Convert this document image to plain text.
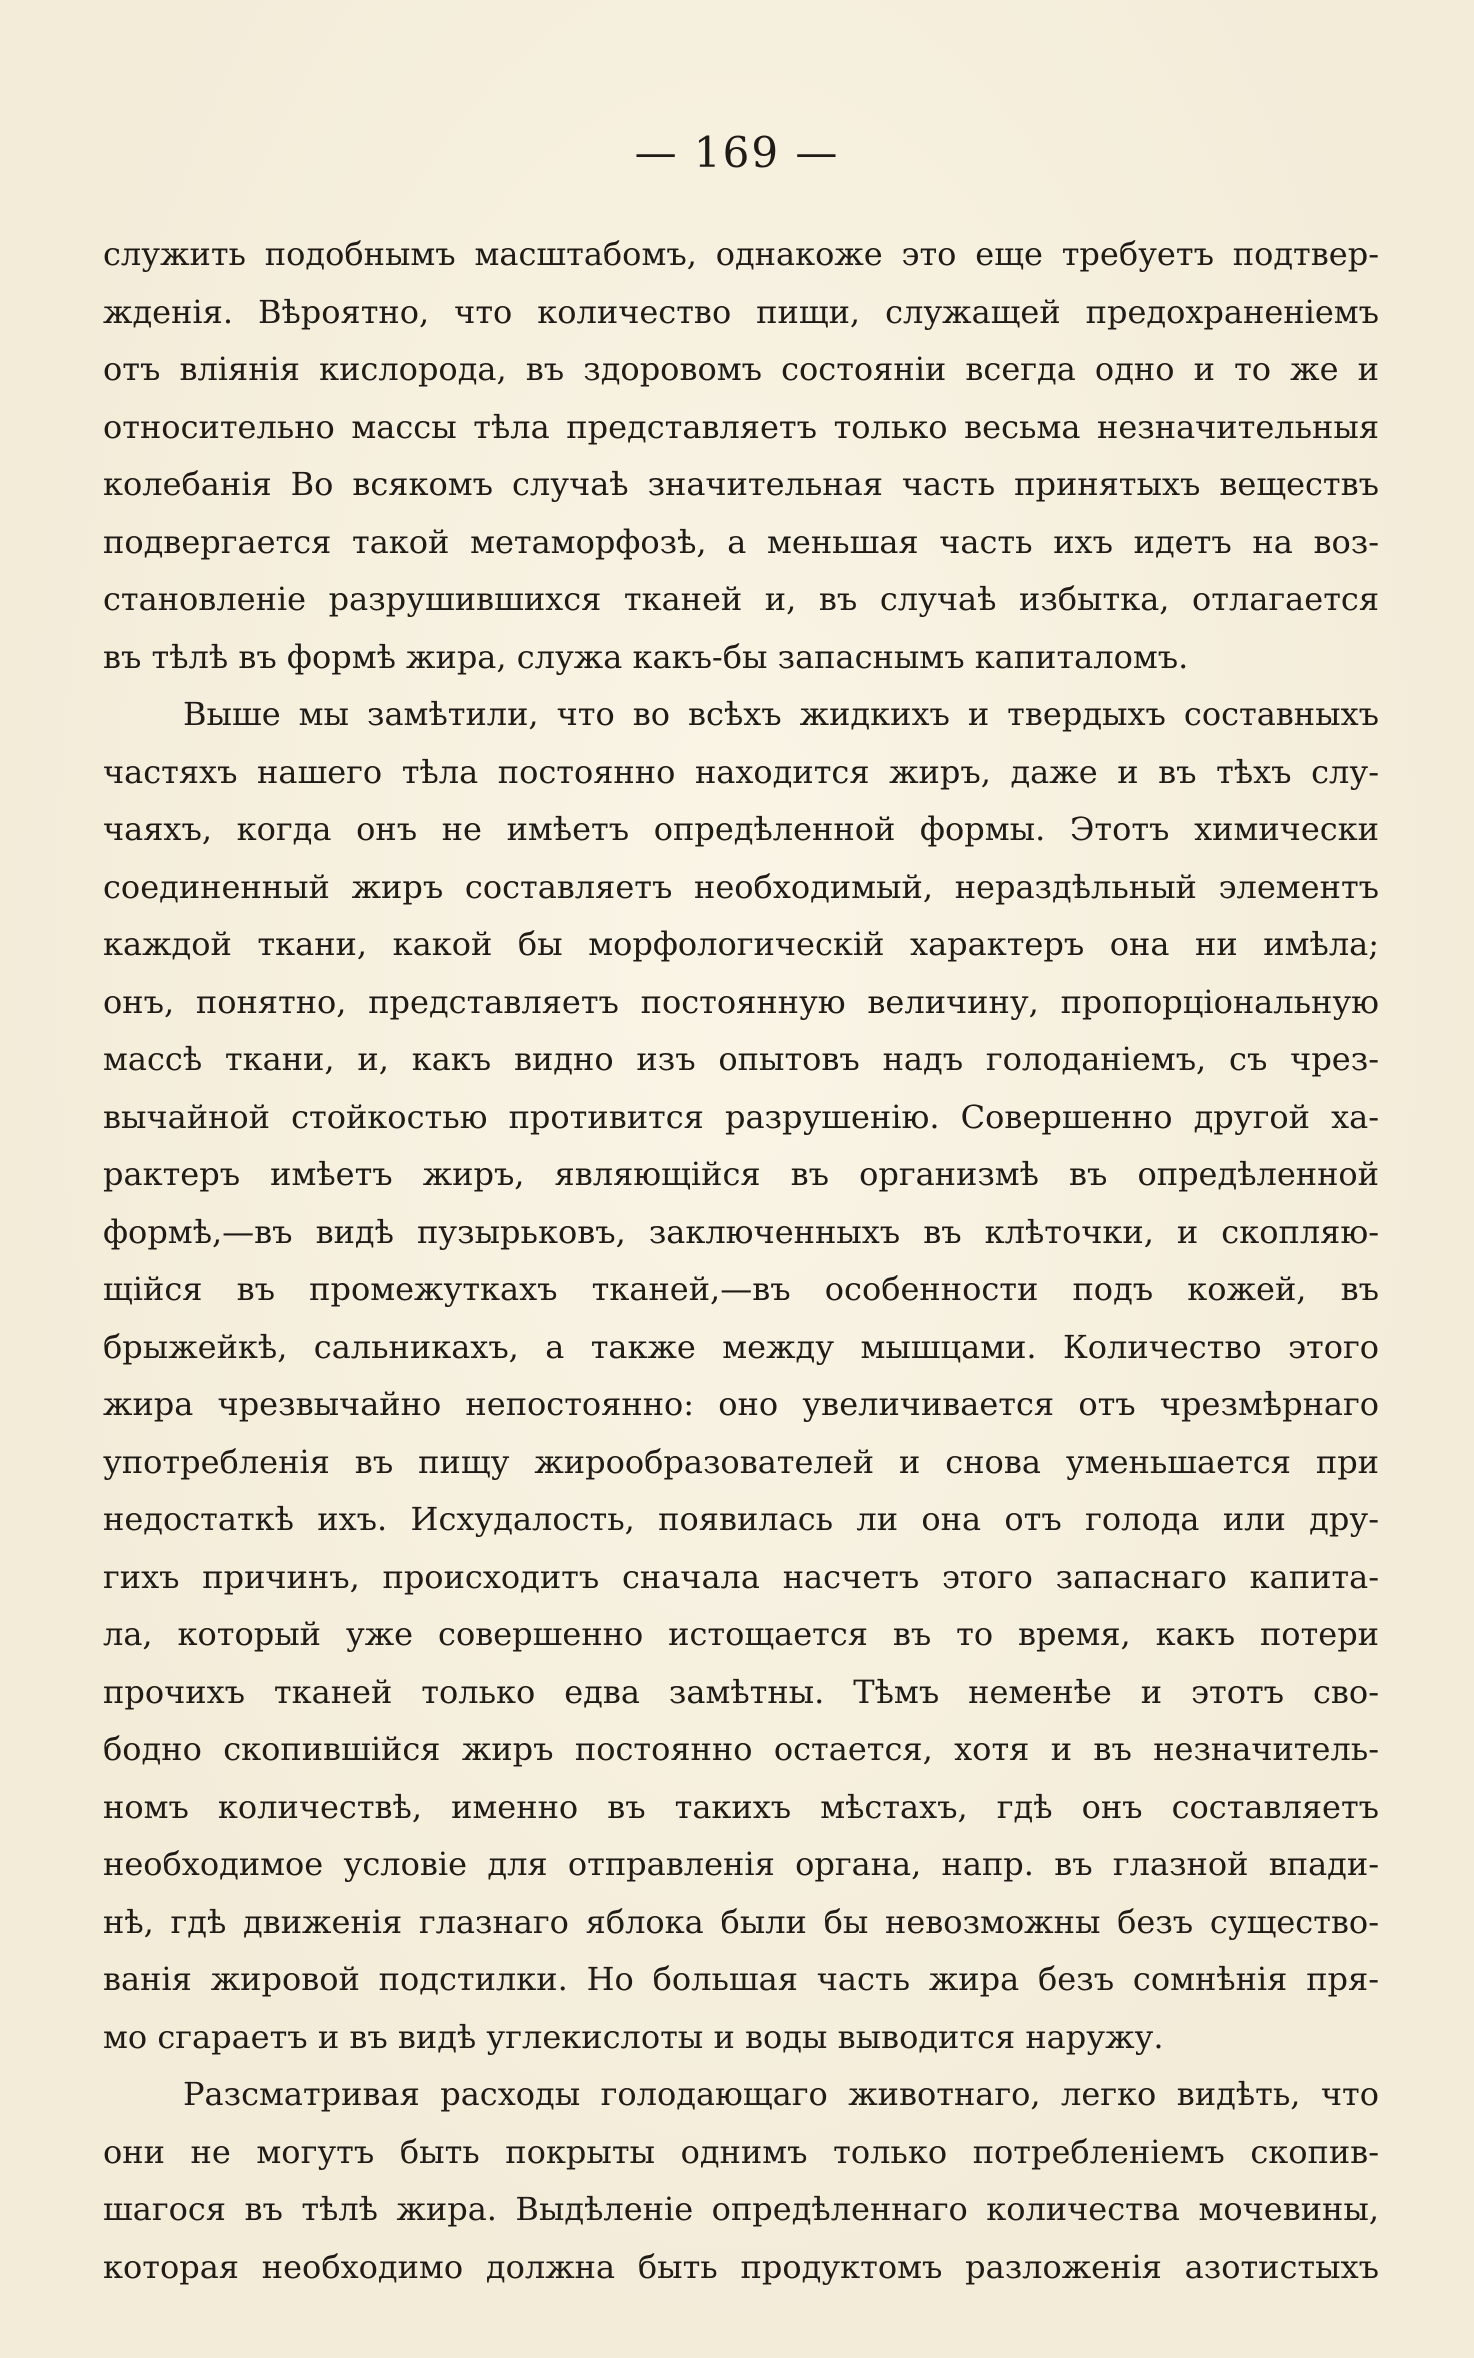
— 169 —
служить подобнымъ масштабомъ, однакоже это еще требуетъ подтвер-
жденія. Вѣроятно, что количество пищи, служащей предохраненіемъ
отъ вліянія кислорода, въ здоровомъ состояніи всегда одно и то же и
относительно массы тѣла представляетъ только весьма незначительныя
колебанія Во всякомъ случаѣ значительная часть принятыхъ веществъ
подвергается такой метаморфозѣ, а меньшая часть ихъ идетъ на воз-
становленіе разрушившихся тканей и, въ случаѣ избытка, отлагается
въ тѣлѣ въ формѣ жира, служа какъ-бы запаснымъ капиталомъ.
Выше мы замѣтили, что во всѣхъ жидкихъ и твердыхъ составныхъ
частяхъ нашего тѣла постоянно находится жиръ, даже и въ тѣхъ слу-
чаяхъ, когда онъ не имѣетъ опредѣленной формы. Этотъ химически
соединенный жиръ составляетъ необходимый, нераздѣльный элементъ
каждой ткани, какой бы морфологическій характеръ она ни имѣла;
онъ, понятно, представляетъ постоянную величину, пропорціональную
массѣ ткани, и, какъ видно изъ опытовъ надъ голоданіемъ, съ чрез-
вычайной стойкостью противится разрушенію. Совершенно другой ха-
рактеръ имѣетъ жиръ, являющійся въ организмѣ въ опредѣленной
формѣ,—въ видѣ пузырьковъ, заключенныхъ въ клѣточки, и скопляю-
щійся въ промежуткахъ тканей,—въ особенности подъ кожей, въ
брыжейкѣ, сальникахъ, а также между мышцами. Количество этого
жира чрезвычайно непостоянно: оно увеличивается отъ чрезмѣрнаго
употребленія въ пищу жирообразователей и снова уменьшается при
недостаткѣ ихъ. Исхудалость, появилась ли она отъ голода или дру-
гихъ причинъ, происходитъ сначала насчетъ этого запаснаго капита-
ла, который уже совершенно истощается въ то время, какъ потери
прочихъ тканей только едва замѣтны. Тѣмъ неменѣе и этотъ сво-
бодно скопившійся жиръ постоянно остается, хотя и въ незначитель-
номъ количествѣ, именно въ такихъ мѣстахъ, гдѣ онъ составляетъ
необходимое условіе для отправленія органа, напр. въ глазной впади-
нѣ, гдѣ движенія глазнаго яблока были бы невозможны безъ существо-
ванія жировой подстилки. Но большая часть жира безъ сомнѣнія пря-
мо сгараетъ и въ видѣ углекислоты и воды выводится наружу.
Разсматривая расходы голодающаго животнаго, легко видѣть, что
они не могутъ быть покрыты однимъ только потребленіемъ скопив-
шагося въ тѣлѣ жира. Выдѣленіе опредѣленнаго количества мочевины,
которая необходимо должна быть продуктомъ разложенія азотистыхъ
